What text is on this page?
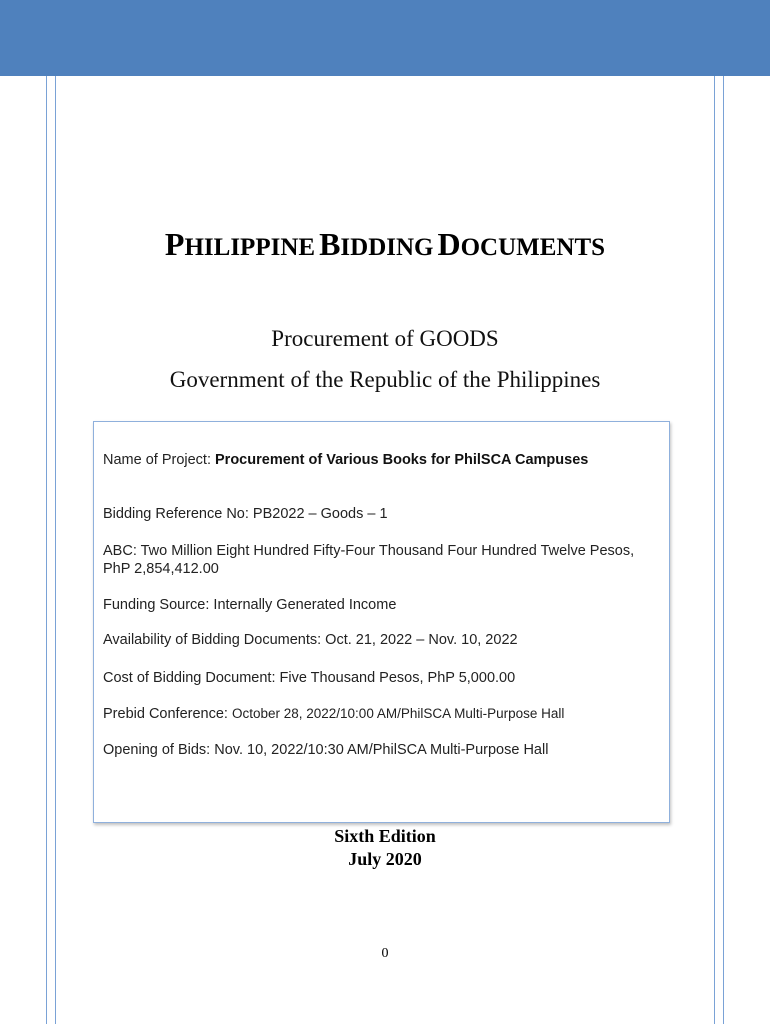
PHILIPPINE BIDDING DOCUMENTS
Procurement of GOODS
Government of the Republic of the Philippines
Name of Project: Procurement of Various Books for PhilSCA Campuses
Bidding Reference No: PB2022 – Goods – 1
ABC: Two Million Eight Hundred Fifty-Four Thousand Four Hundred Twelve Pesos, PhP 2,854,412.00
Funding Source: Internally Generated Income
Availability of Bidding Documents: Oct. 21, 2022 – Nov. 10, 2022
Cost of Bidding Document: Five Thousand Pesos, PhP 5,000.00
Prebid Conference: October 28, 2022/10:00 AM/PhilSCA Multi-Purpose Hall
Opening of Bids: Nov. 10, 2022/10:30 AM/PhilSCA Multi-Purpose Hall
Sixth Edition
July 2020
0
